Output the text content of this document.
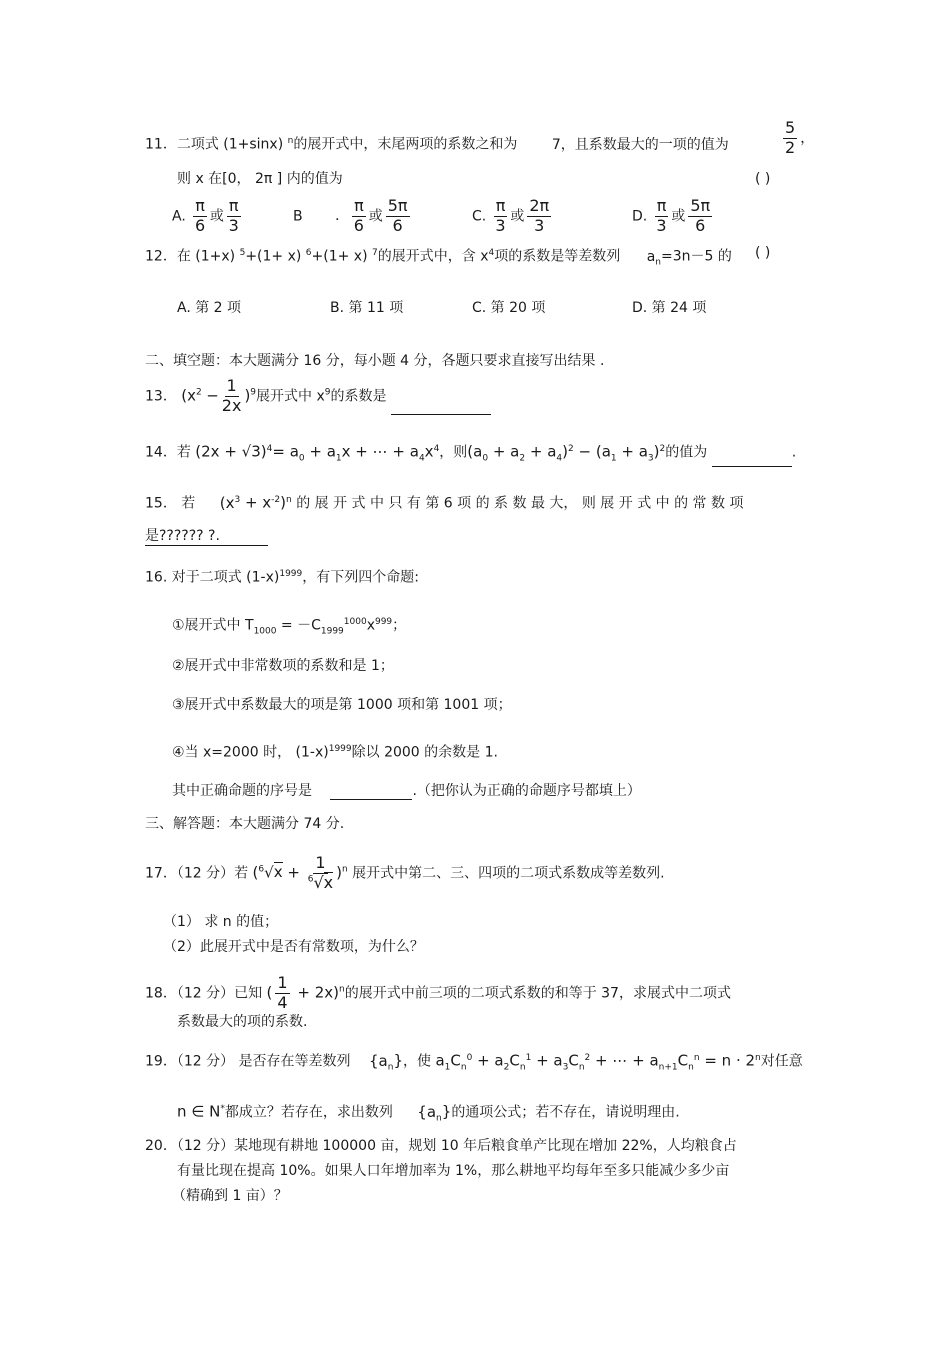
11．二项式 (1+sinx) $^n$的展开式中，末尾两项的系数之和为 7，且系数最大的一项的值为	$\frac{5}{2}$ ，
则 x 在[0， 2π ] 内的值为	( )
A. $\frac{\pi}{6}$ 或 $\frac{\pi}{3}$	B ． $\frac{\pi}{6}$ 或 $\frac{5\pi}{6}$	C. $\frac{\pi}{3}$ 或 $\frac{2\pi}{3}$	D. $\frac{\pi}{3}$ 或 $\frac{5\pi}{6}$
12．在 (1+x) $^5$+(1+ x) $^6$+(1+ x) $^7$的展开式中，含 $x^4$项的系数是等差数列 $a_n=3n-5$ 的 ( )
A. 第 2 项	B. 第 11 项	C. 第 20 项	D. 第 24 项
二、填空题：本大题满分 16 分，每小题 4 分，各题只要求直接写出结果 .
13． $(x^2 - \frac{1}{2x} )^9$展开式中 $x^9$的系数是
14．若 $(2x + √3)^4= a_0 + a_1x$ + ⋯ + $a_4x^4$，则$(a_0 + a_2 + a_4)^2 - (a_1 + a_3)^2$的值为	.
15． 若 $(x^3 + x^{-2})^n$ 的 展 开 式 中 只 有 第 6 项 的 系 数 最 大， 则 展 开 式 中 的 常 数 项
是?????? ?.
16. 对于二项式 $(1-x)^{1999}$，有下列四个命题:
①展开式中 $T_{1000} = -C_{1999}^{1000}x^{999}$；
②展开式中非常数项的系数和是 1；
③展开式中系数最大的项是第 1000 项和第 1001 项；
④当 x=2000 时， $(1-x)^{1999}$除以 2000 的余数是 1.
其中正确命题的序号是	.（把你认为正确的命题序号都填上）
三、解答题：本大题满分 74 分.
17．（12 分）若 $(^6√x + \frac{1}{^6√x} )^n$ 展开式中第二、三、四项的二项式系数成等差数列.
（1） 求 n 的值；
（2）此展开式中是否有常数项，为什么？
18．（12 分）已知 ( $\frac{1}{4} + 2x)^n$的展开式中前三项的二项式系数的和等于 37，求展式中二项式
系数最大的项的系数.
19．（12 分） 是否存在等差数列 $\{a_n\}$，使 $a_1C_n^0 + a_2C_n^1 + a_3C_n^2$ + ⋯ + $a_{n+1}C_n^n = n \cdot 2^n$对任意
n ∈ N*都成立？若存在，求出数列 $\{a_n\}$的通项公式；若不存在，请说明理由.
20．（12 分）某地现有耕地 100000 亩，规划 10 年后粮食单产比现在增加 22%，人均粮食占
有量比现在提高 10%。如果人口年增加率为 1%，那么耕地平均每年至多只能减少多少亩
（精确到 1 亩）？
